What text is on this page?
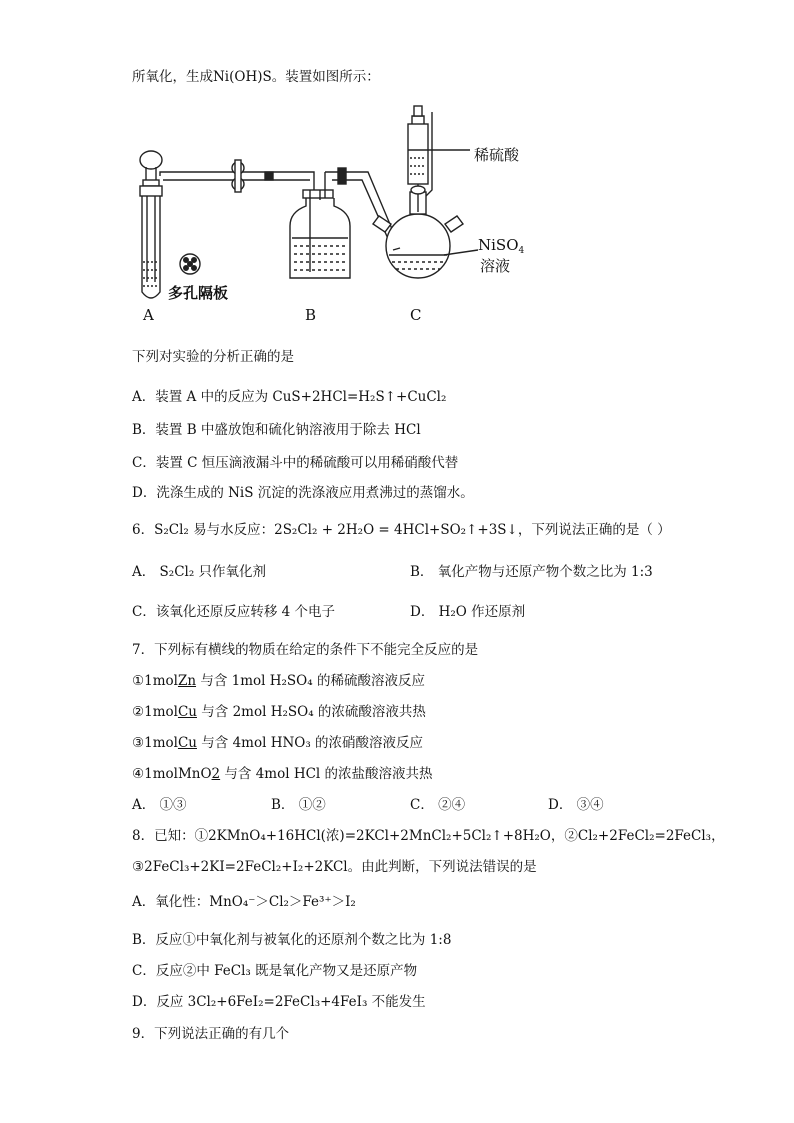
所氧化，生成Ni(OH)S。装置如图所示：
A	B	C
多孔隔板
稀硫酸
NiSO$_4$
溶液
下列对实验的分析正确的是
A．装置 A 中的反应为 CuS+2HCl=H₂S↑+CuCl₂
B．装置 B 中盛放饱和硫化钠溶液用于除去 HCl
C．装置 C 恒压滴液漏斗中的稀硫酸可以用稀硝酸代替
D．洗涤生成的 NiS 沉淀的洗涤液应用煮沸过的蒸馏水。
6．S₂Cl₂ 易与水反应：2S₂Cl₂ + 2H₂O = 4HCl+SO₂↑+3S↓，下列说法正确的是（ ）
A． S₂Cl₂ 只作氧化剂	B． 氧化产物与还原产物个数之比为 1:3
C．该氧化还原反应转移 4 个电子	D． H₂O 作还原剂
7．下列标有横线的物质在给定的条件下不能完全反应的是
①1molZn 与含 1mol H₂SO₄ 的稀硫酸溶液反应
②1molCu 与含 2mol H₂SO₄ 的浓硫酸溶液共热
③1molCu 与含 4mol HNO₃ 的浓硝酸溶液反应
④1molMnO2 与含 4mol HCl 的浓盐酸溶液共热
A． ①③	B． ①②	C． ②④	D． ③④
8．已知：①2KMnO₄+16HCl(浓)=2KCl+2MnCl₂+5Cl₂↑+8H₂O，②Cl₂+2FeCl₂=2FeCl₃，
③2FeCl₃+2KI=2FeCl₂+I₂+2KCl。由此判断，下列说法错误的是
A．氧化性：MnO₄⁻＞Cl₂＞Fe³⁺＞I₂
B．反应①中氧化剂与被氧化的还原剂个数之比为 1:8
C．反应②中 FeCl₃ 既是氧化产物又是还原产物
D．反应 3Cl₂+6FeI₂=2FeCl₃+4FeI₃ 不能发生
9．下列说法正确的有几个
